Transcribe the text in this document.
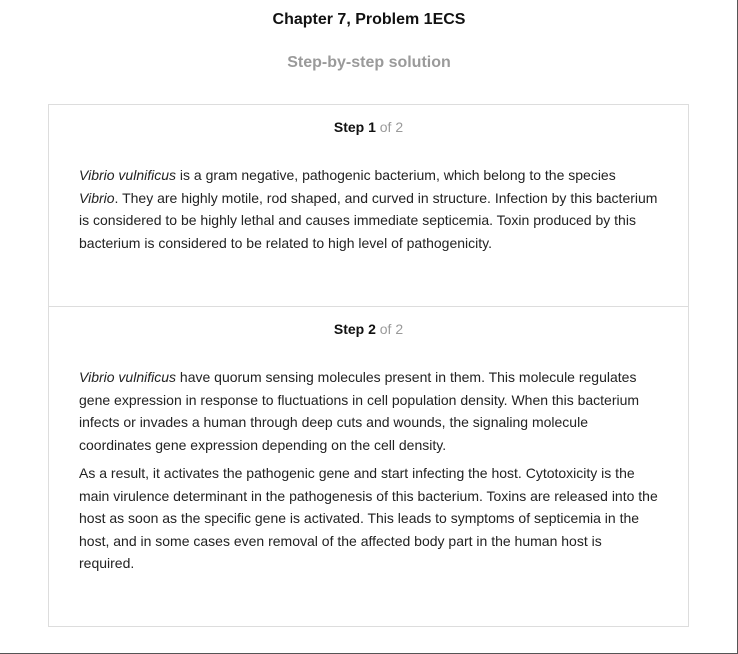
Chapter 7, Problem 1ECS
Step-by-step solution
Step 1 of 2

Vibrio vulnificus is a gram negative, pathogenic bacterium, which belong to the species Vibrio. They are highly motile, rod shaped, and curved in structure. Infection by this bacterium is considered to be highly lethal and causes immediate septicemia. Toxin produced by this bacterium is considered to be related to high level of pathogenicity.

Step 2 of 2

Vibrio vulnificus have quorum sensing molecules present in them. This molecule regulates gene expression in response to fluctuations in cell population density. When this bacterium infects or invades a human through deep cuts and wounds, the signaling molecule coordinates gene expression depending on the cell density.

As a result, it activates the pathogenic gene and start infecting the host. Cytotoxicity is the main virulence determinant in the pathogenesis of this bacterium. Toxins are released into the host as soon as the specific gene is activated. This leads to symptoms of septicemia in the host, and in some cases even removal of the affected body part in the human host is required.
